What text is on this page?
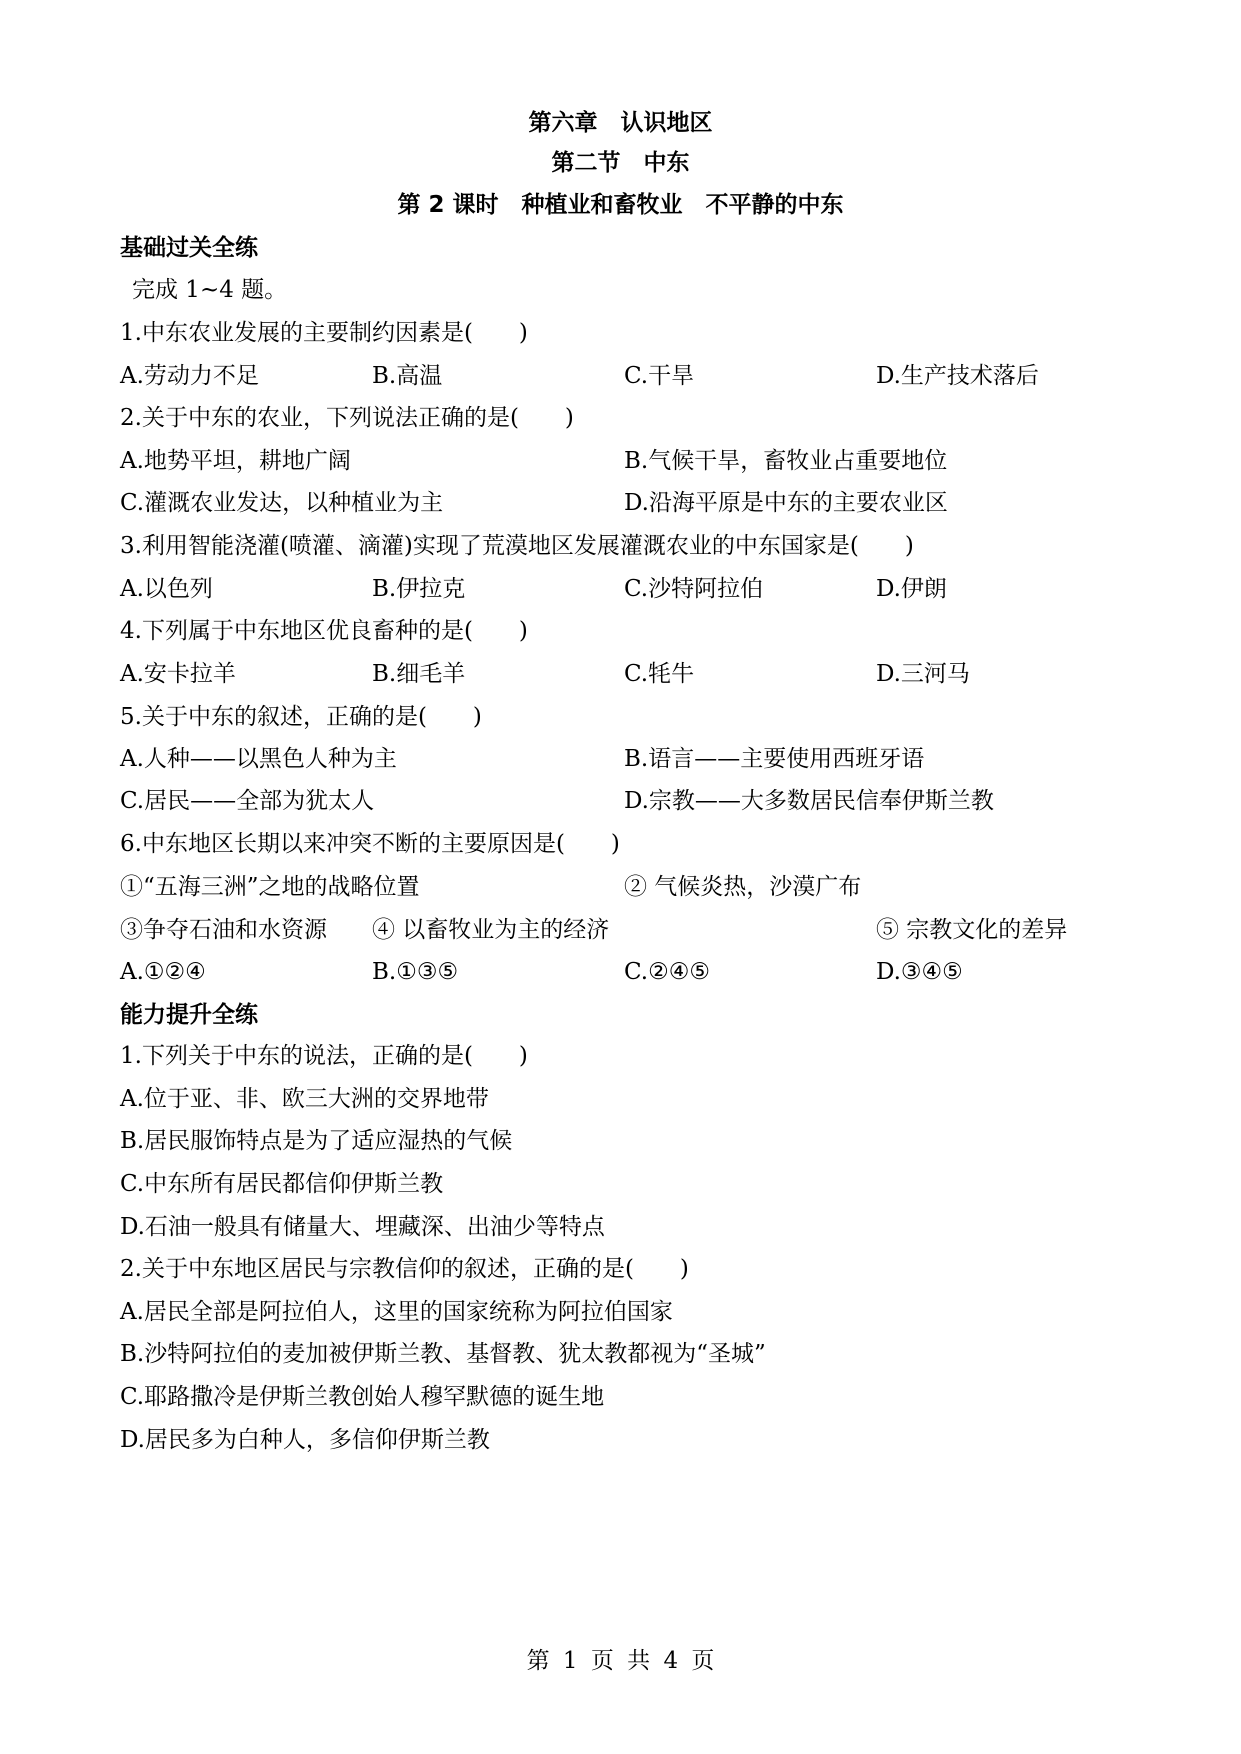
第六章　认识地区
第二节　中东
第 2 课时　种植业和畜牧业　不平静的中东
基础过关全练
完成 1~4 题。
1.中东农业发展的主要制约因素是(　　)
A.劳动力不足	B.高温	C.干旱	D.生产技术落后
2.关于中东的农业，下列说法正确的是(　　)
A.地势平坦，耕地广阔	B.气候干旱，畜牧业占重要地位
C.灌溉农业发达，以种植业为主	D.沿海平原是中东的主要农业区
3.利用智能浇灌(喷灌、滴灌)实现了荒漠地区发展灌溉农业的中东国家是(　　)
A.以色列	B.伊拉克	C.沙特阿拉伯	D.伊朗
4.下列属于中东地区优良畜种的是(　　)
A.安卡拉羊	B.细毛羊	C.牦牛	D.三河马
5.关于中东的叙述，正确的是(　　)
A.人种——以黑色人种为主	B.语言——主要使用西班牙语
C.居民——全部为犹太人	D.宗教——大多数居民信奉伊斯兰教
6.中东地区长期以来冲突不断的主要原因是(　　)
①“五海三洲”之地的战略位置	② 气候炎热，沙漠广布
③争夺石油和水资源 ④ 以畜牧业为主的经济	⑤ 宗教文化的差异
A.①②④	B.①③⑤	C.②④⑤	D.③④⑤
能力提升全练
1.下列关于中东的说法，正确的是(　　)
A.位于亚、非、欧三大洲的交界地带
B.居民服饰特点是为了适应湿热的气候
C.中东所有居民都信仰伊斯兰教
D.石油一般具有储量大、埋藏深、出油少等特点
2.关于中东地区居民与宗教信仰的叙述，正确的是(　　)
A.居民全部是阿拉伯人，这里的国家统称为阿拉伯国家
B.沙特阿拉伯的麦加被伊斯兰教、基督教、犹太教都视为“圣城”
C.耶路撒冷是伊斯兰教创始人穆罕默德的诞生地
D.居民多为白种人，多信仰伊斯兰教
第 1 页 共 4 页
